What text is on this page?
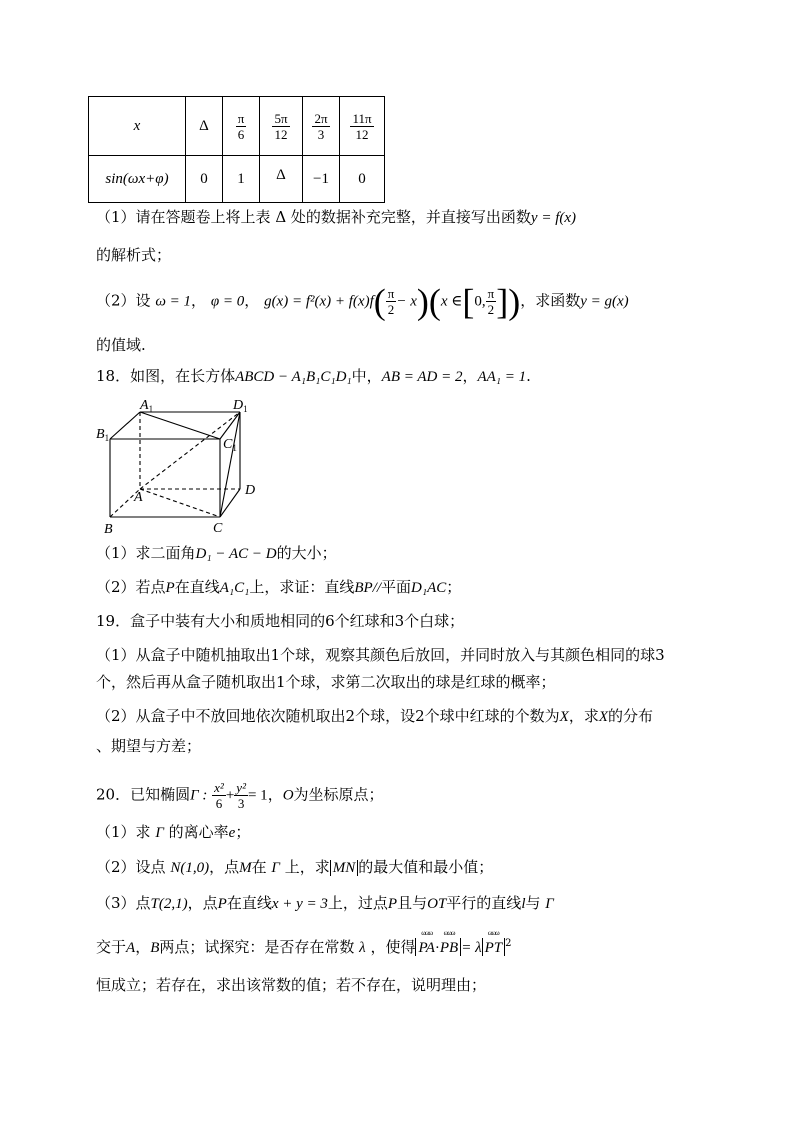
x	Δ	$\frac{\pi}{6}$	$\frac{5\pi}{12}$	$\frac{2\pi}{3}$	$\frac{11\pi}{12}$

sin(ωx+φ)	0	1	Δ	−1	0
（1）请在答题卷上将上表 Δ 处的数据补充完整，并直接写出函数y = f(x)
的解析式；
（2）设 ω = 1， φ = 0， $g(x) = f^2(x) + f(x)f( \frac{\pi}{2} - x)(x$ ∈[0, $\frac{\pi}{2}$ ])，求函数y = g(x)
的值域.
18．如图，在长方体ABCD − A₁B₁C₁D₁中，AB = AD = 2，AA₁ = 1.
$A_1$	$D_1$
$B_1$	$C_1$
A	D
B	C
（1）求二面角D₁ − AC − D的大小；
（2）若点P在直线A₁C₁上，求证：直线BP//平面D₁AC；
19．盒子中装有大小和质地相同的6个红球和3个白球；
（1）从盒子中随机抽取出1个球，观察其颜色后放回，并同时放入与其颜色相同的球3
个，然后再从盒子随机取出1个球，求第二次取出的球是红球的概率；
（2）从盒子中不放回地依次随机取出2个球，设2个球中红球的个数为X，求X的分布
、期望与方差；
20．已知椭圆Γ : $\frac{\text{x²}}{6} + \frac{\text{y²}}{3} = 1$，O为坐标原点；
（1）求 Γ 的离心率e；
（2）设点 N(1,0)，点M在 Γ 上，求 MN 的最大值和最小值；
（3）点T(2,1)，点P在直线x + y = 3上，过点P且与OT平行的直线l与 Γ
交于A，B两点；试探究：是否存在常数 λ ，使得 ωωω PA·ωωω PB = λ ωωω PT $^2$
恒成立；若存在，求出该常数的值；若不存在，说明理由；
